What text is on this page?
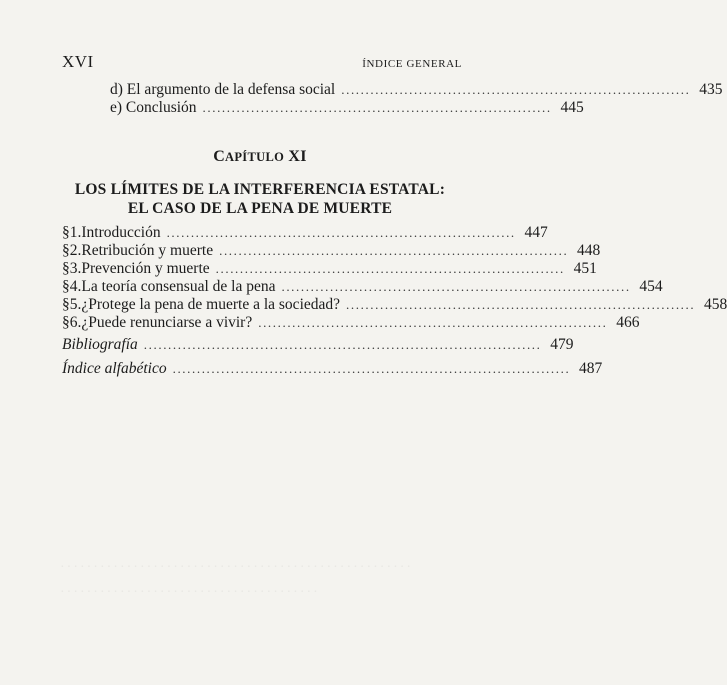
·····················································
·······································
XVI	ÍNDICE GENERAL
d) El argumento de la defensa social ........................................................................ 435
e) Conclusión ........................................................................ 445
CAPÍTULO XI
LOS LÍMITES DE LA INTERFERENCIA ESTATAL:
EL CASO DE LA PENA DE MUERTE
§ 1. Introducción ........................................................................ 447
§ 2. Retribución y muerte ........................................................................ 448
§ 3. Prevención y muerte ........................................................................ 451
§ 4. La teoría consensual de la pena ........................................................................ 454
§ 5. ¿Protege la pena de muerte a la sociedad? ........................................................................ 458
§ 6. ¿Puede renunciarse a vivir? ........................................................................ 466
Bibliografía .................................................................................. 479
Índice alfabético .................................................................................. 487
